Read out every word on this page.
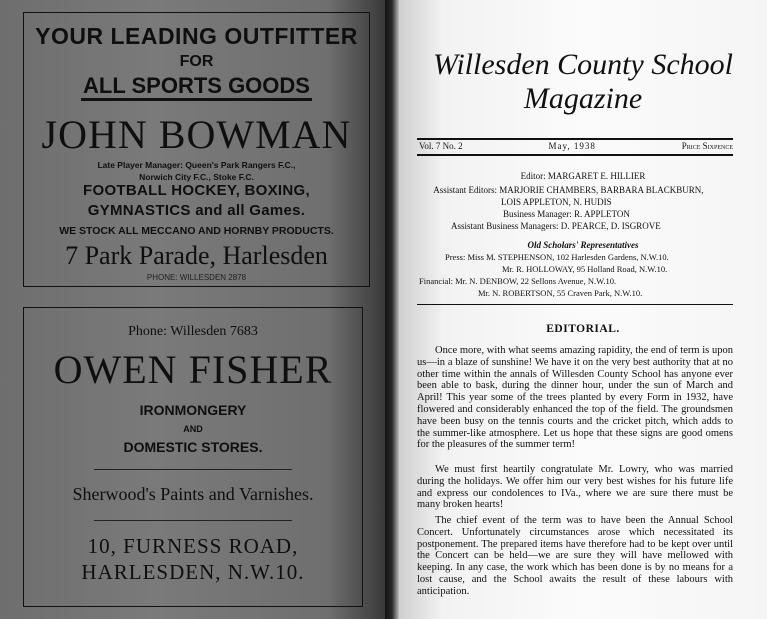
YOUR LEADING OUTFITTER
FOR
ALL SPORTS GOODS
JOHN BOWMAN
Late Player Manager: Queen's Park Rangers F.C.,
Norwich City F.C., Stoke F.C.
FOOTBALL HOCKEY, BOXING,
GYMNASTICS and all Games.
WE STOCK ALL MECCANO AND HORNBY PRODUCTS.
7 Park Parade, Harlesden
PHONE: WILLESDEN 2878
Phone: Willesden 7683
OWEN FISHER
IRONMONGERY
AND
DOMESTIC STORES.
Sherwood's Paints and Varnishes.
10, FURNESS ROAD,
HARLESDEN, N.W.10.
Willesden County School
Magazine
Vol. 7 No. 2	May, 1938	Price Sixpence
Editor: MARGARET E. HILLIER
Assistant Editors: MARJORIE CHAMBERS, BARBARA BLACKBURN,
LOIS APPLETON, N. HUDIS
Business Manager: R. APPLETON
Assistant Business Managers: D. PEARCE, D. ISGROVE
Old Scholars' Representatives
Press: Miss M. STEPHENSON, 102 Harlesden Gardens, N.W.10.
Mr. R. HOLLOWAY, 95 Holland Road, N.W.10.
Financial: Mr. N. DENBOW, 22 Sellons Avenue, N.W.10.
Mr. N. ROBERTSON, 55 Craven Park, N.W.10.
EDITORIAL.

Once more, with what seems amazing rapidity, the end of term is upon us—in a blaze of sunshine! We have it on the very best authority that at no other time within the annals of Willesden County School has anyone ever been able to bask, during the dinner hour, under the sun of March and April! This year some of the trees planted by every Form in 1932, have flowered and considerably enhanced the top of the field. The groundsmen have been busy on the tennis courts and the cricket pitch, which adds to the summer-like atmosphere. Let us hope that these signs are good omens for the pleasures of the summer term!

We must first heartily congratulate Mr. Lowry, who was married during the holidays. We offer him our very best wishes for his future life and express our condolences to IVa., where we are sure there must be many broken hearts!

The chief event of the term was to have been the Annual School Concert. Unfortunately circumstances arose which necessitated its postponement. The prepared items have therefore had to be kept over until the Concert can be held—we are sure they will have mellowed with keeping. In any case, the work which has been done is by no means for a lost cause, and the School awaits the result of these labours with anticipation.
